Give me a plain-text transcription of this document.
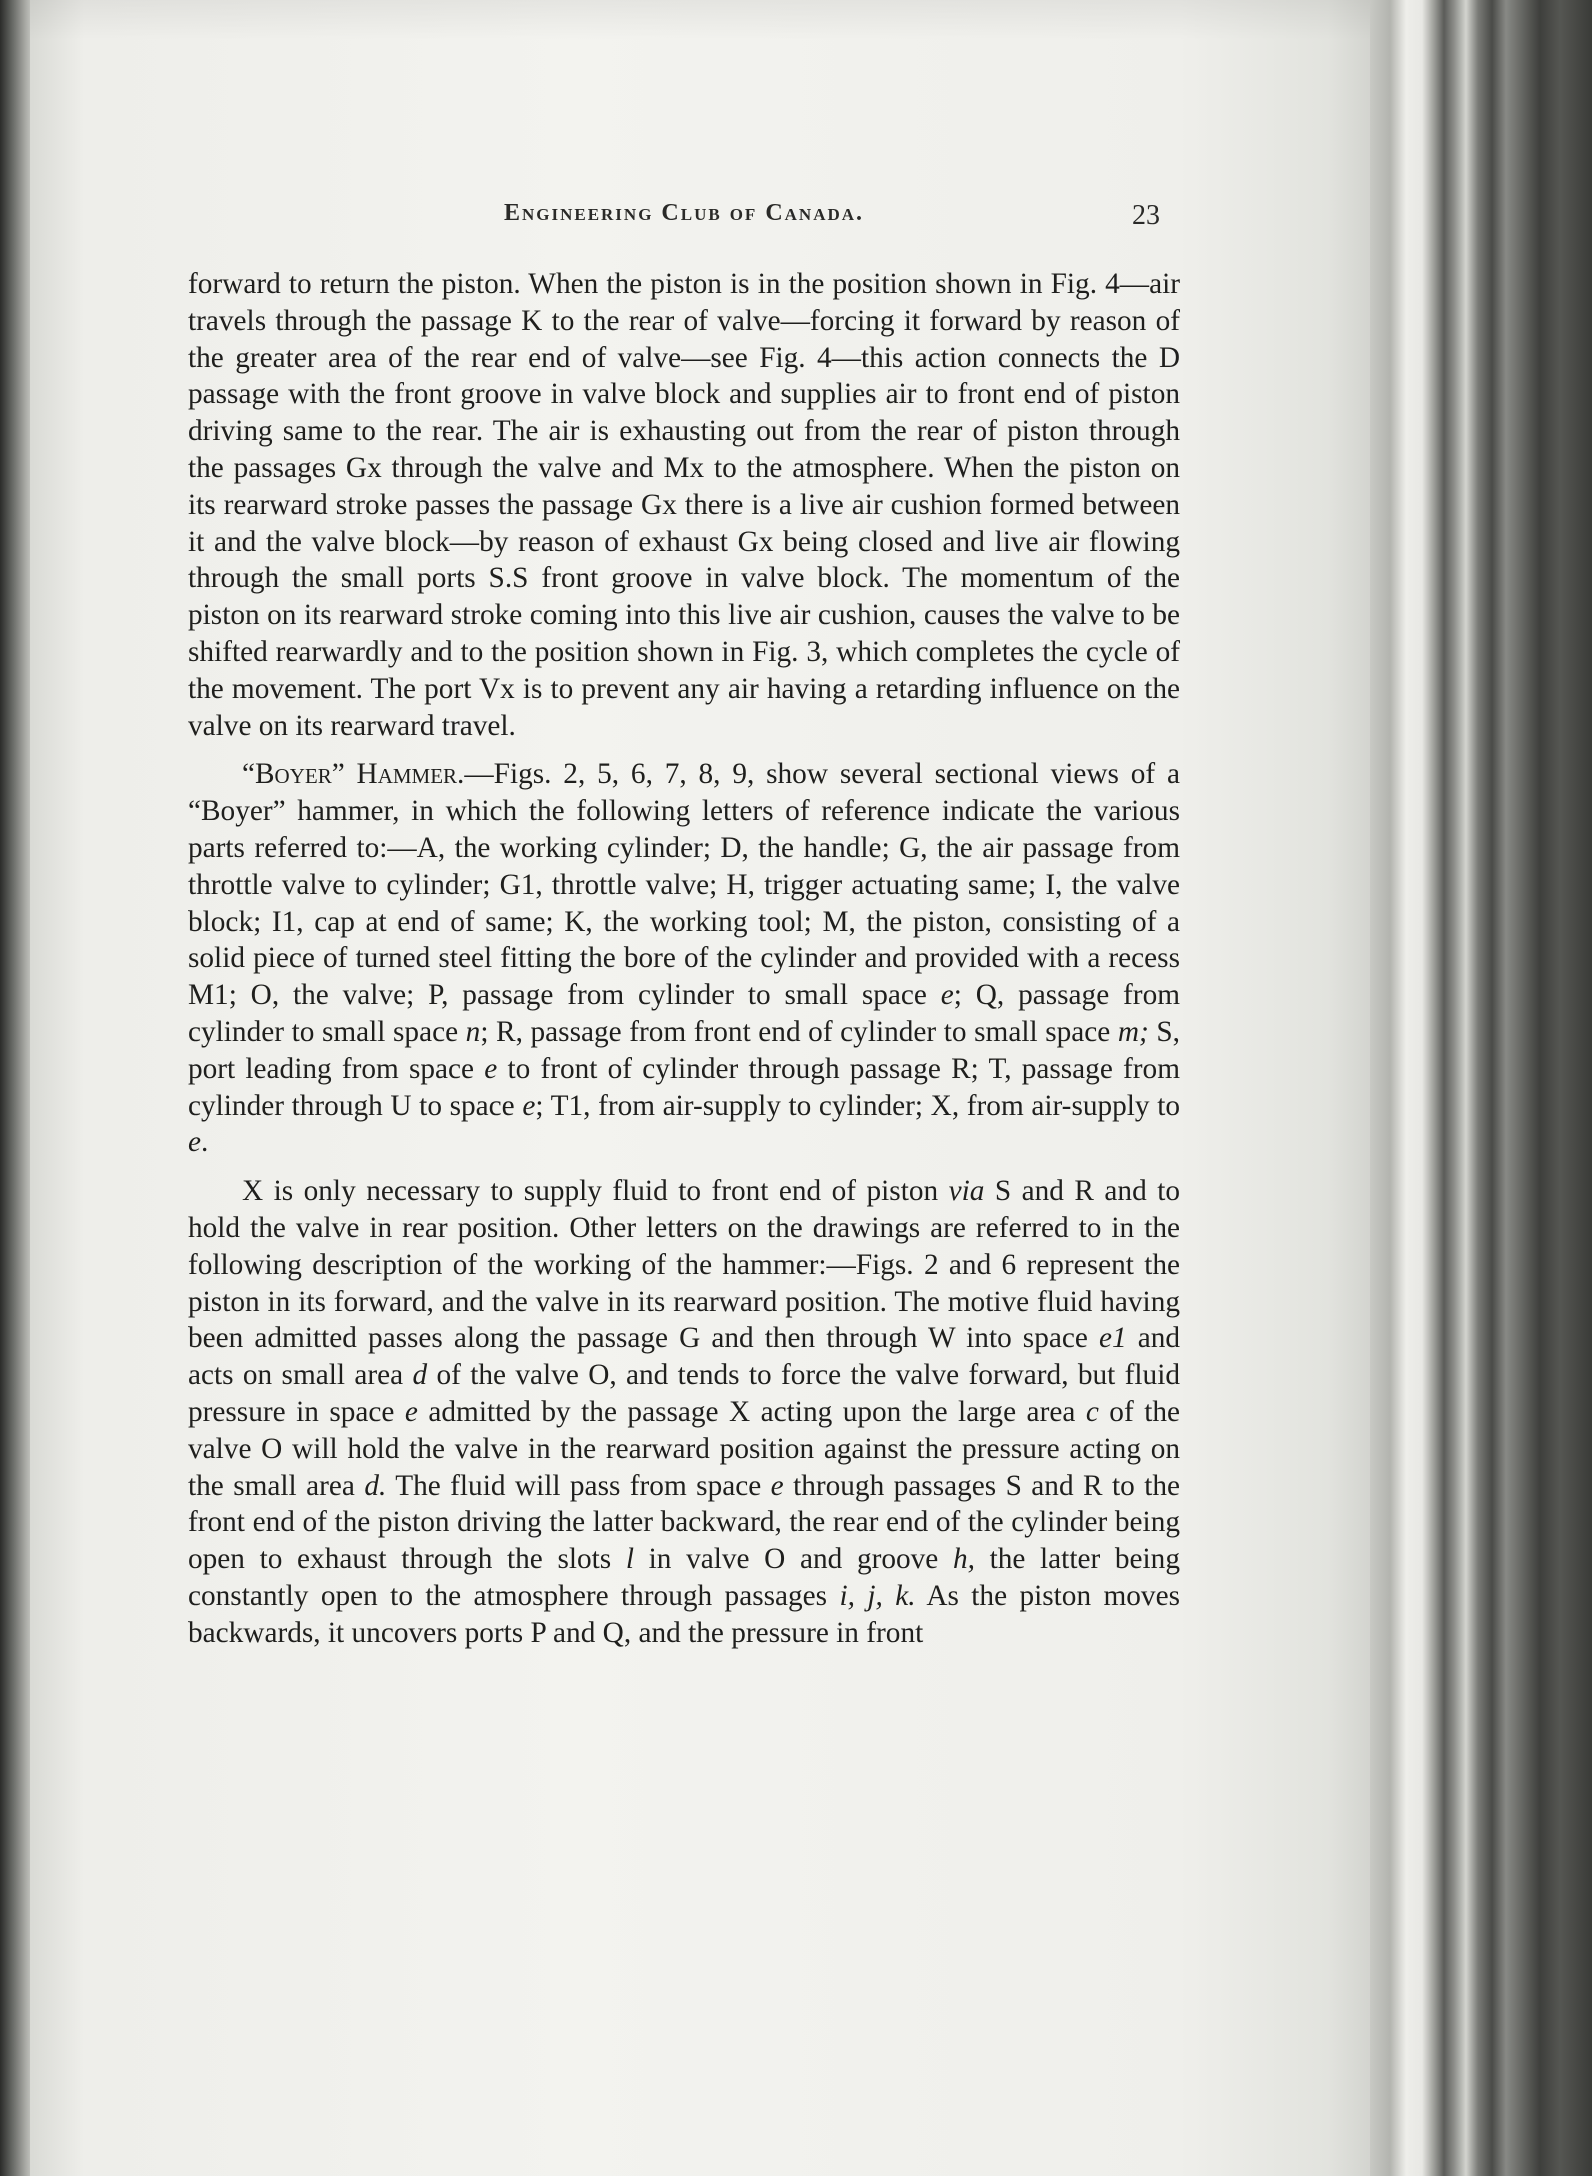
Engineering Club of Canada.	23

forward to return the piston. When the piston is in the position shown in Fig. 4—air travels through the passage K to the rear of valve—forcing it forward by reason of the greater area of the rear end of valve—see Fig. 4—this action connects the D passage with the front groove in valve block and supplies air to front end of piston driving same to the rear. The air is exhausting out from the rear of piston through the passages Gx through the valve and Mx to the atmosphere. When the piston on its rearward stroke passes the passage Gx there is a live air cushion formed between it and the valve block—by reason of exhaust Gx being closed and live air flowing through the small ports S.S front groove in valve block. The momentum of the piston on its rearward stroke coming into this live air cushion, causes the valve to be shifted rearwardly and to the position shown in Fig. 3, which completes the cycle of the movement. The port Vx is to prevent any air having a retarding influence on the valve on its rearward travel.

“Boyer” Hammer.—Figs. 2, 5, 6, 7, 8, 9, show several sectional views of a “Boyer” hammer, in which the following letters of reference indicate the various parts referred to:—A, the working cylinder; D, the handle; G, the air passage from throttle valve to cylinder; G1, throttle valve; H, trigger actuating same; I, the valve block; I1, cap at end of same; K, the working tool; M, the piston, consisting of a solid piece of turned steel fitting the bore of the cylinder and provided with a recess M1; O, the valve; P, passage from cylinder to small space e; Q, passage from cylinder to small space n; R, passage from front end of cylinder to small space m; S, port leading from space e to front of cylinder through passage R; T, passage from cylinder through U to space e; T1, from air-supply to cylinder; X, from air-supply to e.

X is only necessary to supply fluid to front end of piston via S and R and to hold the valve in rear position. Other letters on the drawings are referred to in the following description of the working of the hammer:—Figs. 2 and 6 represent the piston in its forward, and the valve in its rearward position. The motive fluid having been admitted passes along the passage G and then through W into space e1 and acts on small area d of the valve O, and tends to force the valve forward, but fluid pressure in space e admitted by the passage X acting upon the large area c of the valve O will hold the valve in the rearward position against the pressure acting on the small area d. The fluid will pass from space e through passages S and R to the front end of the piston driving the latter backward, the rear end of the cylinder being open to exhaust through the slots l in valve O and groove h, the latter being constantly open to the atmosphere through passages i, j, k. As the piston moves backwards, it uncovers ports P and Q, and the pressure in front
